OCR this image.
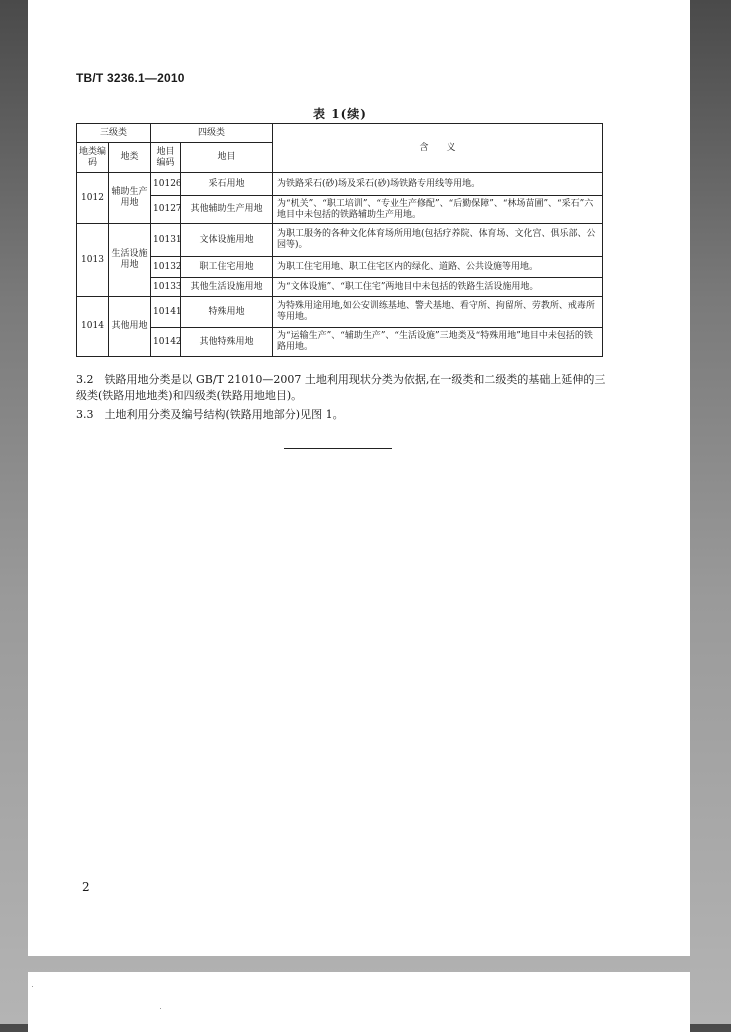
TB/T 3236.1—2010
表 1(续)
三级类		四级类		含　　义
地类编码	地类	地目编码	地目	
1012	辅助生产用地	10126	采石用地	为铁路采石(砂)场及采石(砂)场铁路专用线等用地。
		10127	其他辅助生产用地	为“机关”、“职工培训”、“专业生产修配”、“后勤保障”、“林场苗圃”、“采石”六地目中未包括的铁路辅助生产用地。
1013	生活设施用地	10131	文体设施用地	为职工服务的各种文化体育场所用地(包括疗养院、体育场、文化宫、俱乐部、公园等)。
		10132	职工住宅用地	为职工住宅用地、职工住宅区内的绿化、道路、公共设施等用地。
		10133	其他生活设施用地	为“文体设施”、“职工住宅”两地目中未包括的铁路生活设施用地。
1014	其他用地	10141	特殊用地	为特殊用途用地,如公安训练基地、警犬基地、看守所、拘留所、劳教所、戒毒所等用地。
		10142	其他特殊用地	为“运输生产”、“辅助生产”、“生活设施”三地类及“特殊用地”地目中未包括的铁路用地。
3.2　铁路用地分类是以 GB/T 21010—2007 土地利用现状分类为依据,在一级类和二级类的基础上延伸的三级类(铁路用地地类)和四级类(铁路用地地目)。
3.3　土地利用分类及编号结构(铁路用地部分)见图 1。
2
